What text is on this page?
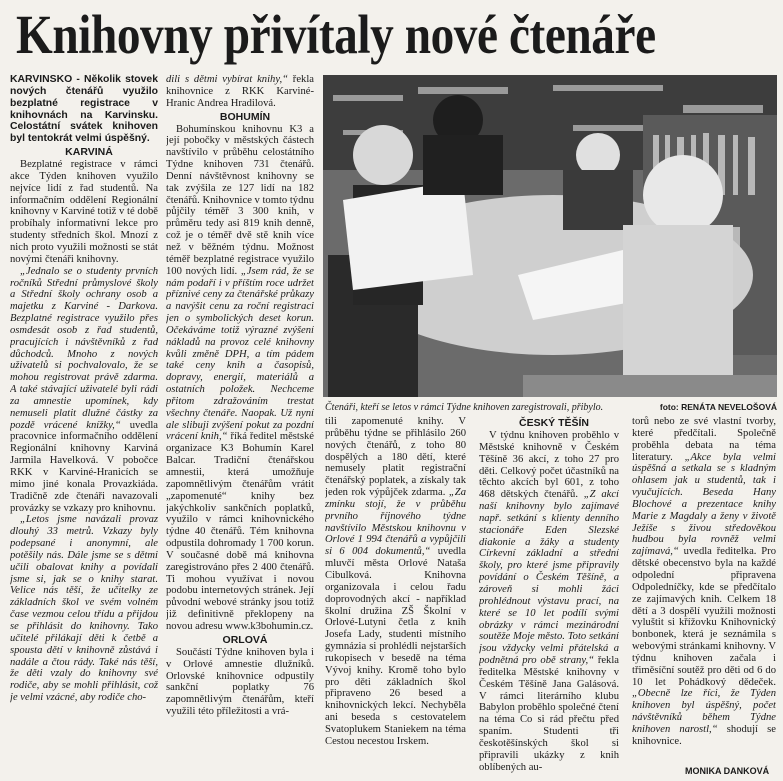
Knihovny přivítaly nové čtenáře

KARVINSKO - Několik stovek nových čtenářů využilo bezplatné registrace v knihovnách na Karvinsku. Celostátní svátek knihoven byl tentokrát velmi úspěšný.

KARVINÁ

Bezplatné registrace v rámci akce Týden knihoven využilo nejvíce lidí z řad studentů. Na informačním oddělení Regionální knihovny v Karviné totiž v té době probíhaly informativní lekce pro studenty středních škol. Mnozí z nich proto využili možnosti se stát novými čtenáři knihovny.

„Jednalo se o studenty prvních ročníků Střední průmyslové školy a Střední školy ochrany osob a majetku z Karviné - Darkova. Bezplatné registrace využilo přes osmdesát osob z řad studentů, pracujících i návštěvníků z řad důchodců. Mnoho z nových uživatelů si pochvalovalo, že se mohou registrovat právě zdarma. A také stávající uživatelé byli rádi za amnestie upomínek, kdy nemuseli platit dlužné částky za pozdě vrácené knížky,“ uvedla pracovnice informačního oddělení Regionální knihovny Karviná Jarmila Havelková. V pobočce RKK v Karviné-Hranicích se mimo jiné konala Provazkiáda. Tradičně zde čtenáři navazovali provázky se vzkazy pro knihovnu.

„Letos jsme navázali provaz dlouhý 33 metrů. Vzkazy byly podepsané i anonymní, ale potěšily nás. Dále jsme se s dětmi učili obalovat knihy a povídali jsme si, jak se o knihy starat. Velice nás těší, že učitelky ze základních škol ve svém volném čase vezmou celou třídu a přijdou se přihlásit do knihovny. Tako učitelé přilákají děti k četbě a spousta dětí v knihovně zůstává i nadále a čtou rády. Také nás těší, že děti vzaly do knihovny své rodiče, aby se mohli přihlásit, což je velmi vzácné, aby rodiče cho-

dili s dětmi vybírat knihy,“ řekla knihovnice z RKK Karviné-Hranic Andrea Hradilová.

BOHUMÍN

Bohumínskou knihovnu K3 a její pobočky v městských částech navštívilo v průběhu celostátního Týdne knihoven 731 čtenářů. Denní návštěvnost knihovny se tak zvýšila ze 127 lidí na 182 čtenářů. Knihovnice v tomto týdnu půjčily téměř 3 300 knih, v průměru tedy asi 819 knih denně, což je o téměř dvě stě knih více než v běžném týdnu. Možnost téměř bezplatné registrace využilo 100 nových lidí. „Jsem rád, že se nám podaří i v příštím roce udržet příznivé ceny za čtenářské průkazy a navýšit cenu za roční registraci jen o symbolických deset korun. Očekáváme totiž výrazné zvýšení nákladů na provoz celé knihovny kvůli změně DPH, a tím pádem také ceny knih a časopisů, dopravy, energií, materiálů a ostatních položek. Nechceme přitom zdražováním trestat všechny čtenáře. Naopak. Už nyní ale slibuji zvýšení pokut za pozdní vrácení knih,“ říká ředitel městské organizace K3 Bohumín Karel Balcar. Tradiční čtenářskou amnestii, která umožňuje zapomnětlivým čtenářům vrátit „zapomenuté“ knihy bez jakýchkoliv sankčních poplatků, využilo v rámci knihovnického týdne 40 čtenářů. Tém knihovna odpustila dohromady 1 700 korun. V současné době má knihovna zaregistrováno přes 2 400 čtenářů. Ti mohou využívat i novou podobu internetových stránek. Její původní webové stránky jsou totiž již definitivně překlopeny na novou adresu www.k3bohumin.cz.

ORLOVÁ

Součástí Týdne knihoven byla i v Orlové amnestie dlužníků. Orlovské knihovnice odpustily sankční poplatky 76 zapomnětlivým čtenářům, kteří využili této příležitosti a vrá-

Čtenáři, kteří se letos v rámci Týdne knihoven zaregistrovali, přibylo.	foto: RENÁTA NEVELOŠOVÁ

tili zapomenuté knihy. V průběhu týdne se přihlásilo 260 nových čtenářů, z toho 80 dospělých a 180 dětí, které nemusely platit registrační čtenářský poplatek, a získaly tak jeden rok výpůjček zdarma. „Za zmínku stojí, že v průběhu prvního říjnového týdne navštívilo Městskou knihovnu v Orlové 1 994 čtenářů a vypůjčili si 6 004 dokumentů,“ uvedla mluvčí města Orlové Nataša Cibulková. Knihovna organizovala i celou řadu doprovodných akcí - například školní družina ZŠ Školní v Orlové-Lutyni četla z knih Josefa Lady, studenti místního gymnázia si prohlédli nejstarších rukopisech v besedě na téma Vývoj knihy. Kromě toho bylo pro děti základních škol připraveno 26 besed a knihovnických lekcí. Nechyběla ani beseda s cestovatelem Svatoplukem Staniekem na téma Cestou necestou Irskem.

ČESKÝ TĚŠÍN

V týdnu knihoven proběhlo v Městské knihovně v Českém Těšíně 36 akcí, z toho 27 pro děti. Celkový počet účastníků na těchto akcích byl 601, z toho 468 dětských čtenářů. „Z akcí naší knihovny bylo zajímavé např. setkání s klienty denního stacionáře Eden Slezské diakonie a žáky a studenty Církevní základní a střední školy, pro které jsme připravily povídání o Českém Těšíně, a zároveň si mohli žáci prohlédnout výstavu prací, na které se 10 let podílí svými obrázky v rámci mezinárodní soutěže Moje město. Toto setkání jsou vždycky velmi přátelská a podnětná pro obě strany,“ řekla ředitelka Městské knihovny v Českém Těšíně Jana Galásová. V rámci literárního klubu Babylon proběhlo společné čtení na téma Co si rád přečtu před spaním. Studenti tři českotěšínských škol si připravili ukázky z knih oblíbených au-

torů nebo ze své vlastní tvorby, které předčítali. Společně proběhla debata na téma literatury. „Akce byla velmi úspěšná a setkala se s kladným ohlasem jak u studentů, tak i vyučujících. Beseda Hany Blochové a prezentace knihy Marie z Magdaly a ženy v životě Ježíše s živou středověkou hudbou byla rovněž velmi zajímavá,“ uvedla ředitelka. Pro dětské obecenstvo byla na každé odpolední připravena Odpoledníčky, kde se předčítalo ze zajímavých knih. Celkem 18 dětí a 3 dospělí využili možnosti vyluštit si křížovku Knihovnický bonbonek, která je seznámila s webovými stránkami knihovny. V týdnu knihoven začala i třiměsíční soutěž pro děti od 6 do 10 let Pohádkový dědeček. „Obecně lze říci, že Týden knihoven byl úspěšný, počet návštěvníků během Týdne knihoven narostl,“ shodují se knihovnice.

MONIKA DANKOVÁ
